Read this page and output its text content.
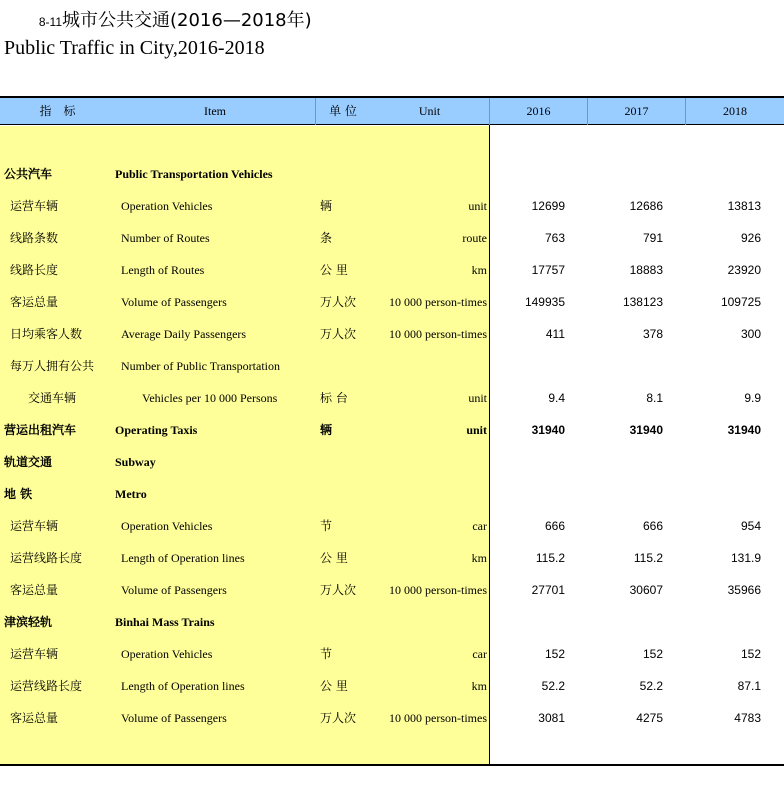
8-11城市公共交通(2016—2018年)
Public Traffic in City,2016-2018
指　标	Item	单 位	Unit	2016	2017	2018
公共汽车	Public Transportation Vehicles
运营车辆	Operation Vehicles	辆	unit	12699	12686	13813
线路条数	Number of Routes	条	route	763	791	926
线路长度	Length of Routes	公 里	km	17757	18883	23920
客运总量	Volume of Passengers	万人次	10 000 person-times	149935	138123	109725
日均乘客人数	Average Daily Passengers	万人次	10 000 person-times	411	378	300
每万人拥有公共 Number of Public Transportation
交通车辆	Vehicles per 10 000 Persons	标 台	unit	9.4	8.1	9.9
营运出租汽车	Operating Taxis	辆	unit	31940	31940	31940
轨道交通	Subway
地 铁	Metro
运营车辆	Operation Vehicles	节	car	666	666	954
运营线路长度	Length of Operation lines	公 里	km	115.2	115.2	131.9
客运总量	Volume of Passengers	万人次	10 000 person-times	27701	30607	35966
津滨轻轨	Binhai Mass Trains
运营车辆	Operation Vehicles	节	car	152	152	152
运营线路长度	Length of Operation lines	公 里	km	52.2	52.2	87.1
客运总量	Volume of Passengers	万人次	10 000 person-times	3081	4275	4783
